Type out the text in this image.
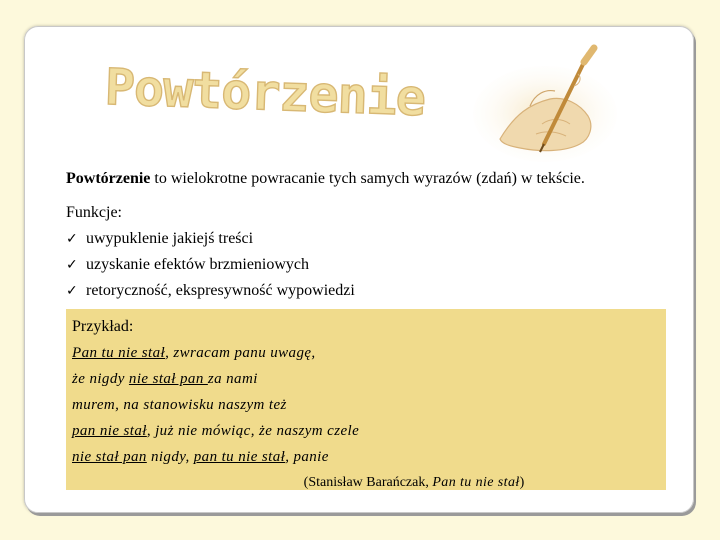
Powtórzenie
Powtórzenie to wielokrotne powracanie tych samych wyrazów (zdań) w tekście.
Funkcje:
✓ uwypuklenie jakiejś treści
✓ uzyskanie efektów brzmieniowych
✓ retoryczność, ekspresywność wypowiedzi
Przykład:
Pan tu nie stał, zwracam panu uwagę,
że nigdy nie stał pan za nami
murem, na stanowisku naszym też
pan nie stał, już nie mówiąc, że naszym czele
nie stał pan nigdy, pan tu nie stał, panie
(Stanisław Barańczak, Pan tu nie stał)
